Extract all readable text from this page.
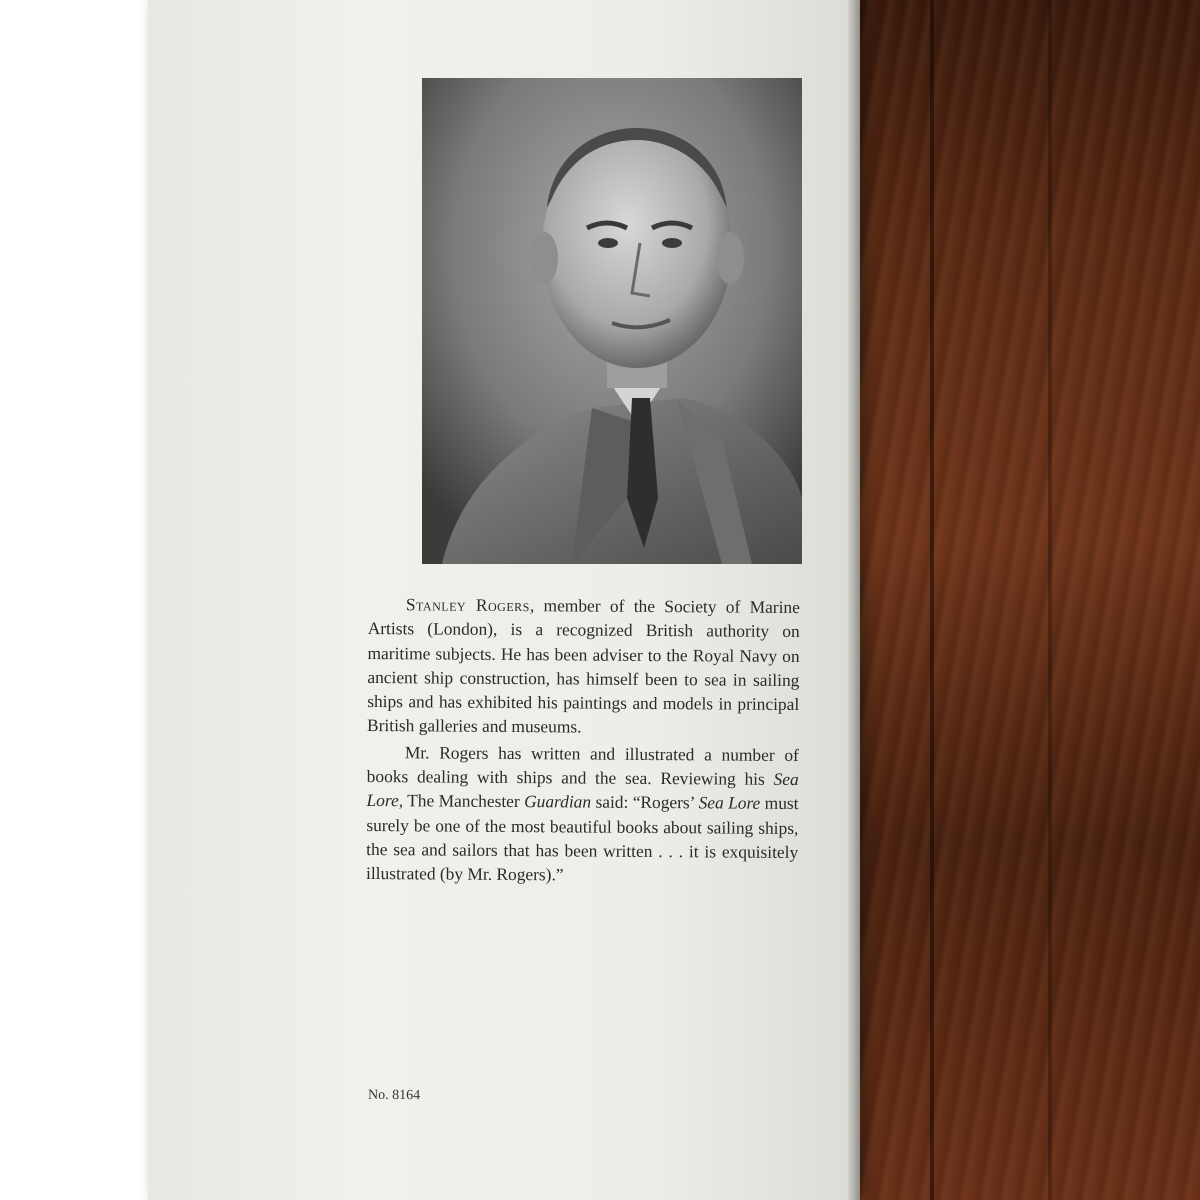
Stanley Rogers, member of the Society of Marine Artists (London), is a recognized British authority on maritime subjects. He has been adviser to the Royal Navy on ancient ship construction, has himself been to sea in sailing ships and has exhibited his paintings and models in principal British galleries and museums.

Mr. Rogers has written and illustrated a number of books dealing with ships and the sea. Reviewing his Sea Lore, The Manchester Guardian said: “Rogers’ Sea Lore must surely be one of the most beautiful books about sailing ships, the sea and sailors that has been written . . . it is exquisitely illustrated (by Mr. Rogers).”

No. 8164
